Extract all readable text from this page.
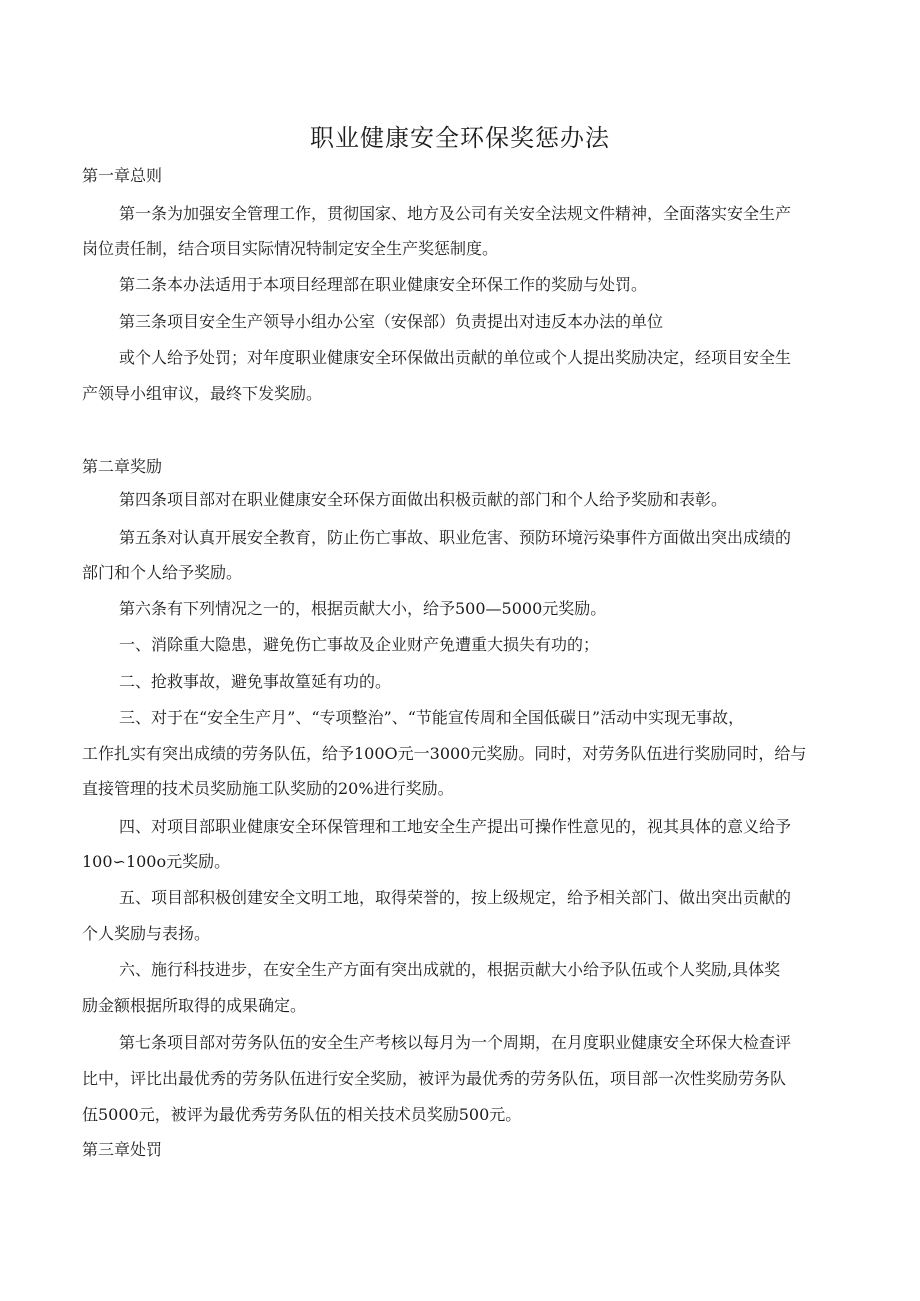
职业健康安全环保奖惩办法

第一章总则

第一条为加强安全管理工作，贯彻国家、地方及公司有关安全法规文件精神，全面落实安全生产

岗位责任制，结合项目实际情况特制定安全生产奖惩制度。

第二条本办法适用于本项目经理部在职业健康安全环保工作的奖励与处罚。

第三条项目安全生产领导小组办公室（安保部）负责提出对违反本办法的单位

或个人给予处罚；对年度职业健康安全环保做出贡献的单位或个人提出奖励决定，经项目安全生

产领导小组审议，最终下发奖励。

第二章奖励

第四条项目部对在职业健康安全环保方面做出积极贡献的部门和个人给予奖励和表彰。

第五条对认真开展安全教育，防止伤亡事故、职业危害、预防环境污染事件方面做出突出成绩的

部门和个人给予奖励。

第六条有下列情况之一的，根据贡献大小，给予500—5000元奖励。

一、消除重大隐患，避免伤亡事故及企业财产免遭重大损失有功的；

二、抢救事故，避免事故篁延有功的。

三、对于在“安全生产月”、“专项整治”、“节能宣传周和全国低碳日”活动中实现无事故，

工作扎实有突出成绩的劳务队伍，给予100O元一3000元奖励。同时，对劳务队伍进行奖励同时，给与

直接管理的技术员奖励施工队奖励的20%进行奖励。

四、对项目部职业健康安全环保管理和工地安全生产提出可操作性意见的，视其具体的意义给予

100∽100o元奖励。

五、项目部积极创建安全文明工地，取得荣誉的，按上级规定，给予相关部门、做出突出贡献的

个人奖励与表扬。

六、施行科技进步，在安全生产方面有突出成就的，根据贡献大小给予队伍或个人奖励,具体奖

励金额根据所取得的成果确定。

第七条项目部对劳务队伍的安全生产考核以每月为一个周期，在月度职业健康安全环保大检查评

比中，评比出最优秀的劳务队伍进行安全奖励，被评为最优秀的劳务队伍，项目部一次性奖励劳务队

伍5000元，被评为最优秀劳务队伍的相关技术员奖励500元。

第三章处罚
